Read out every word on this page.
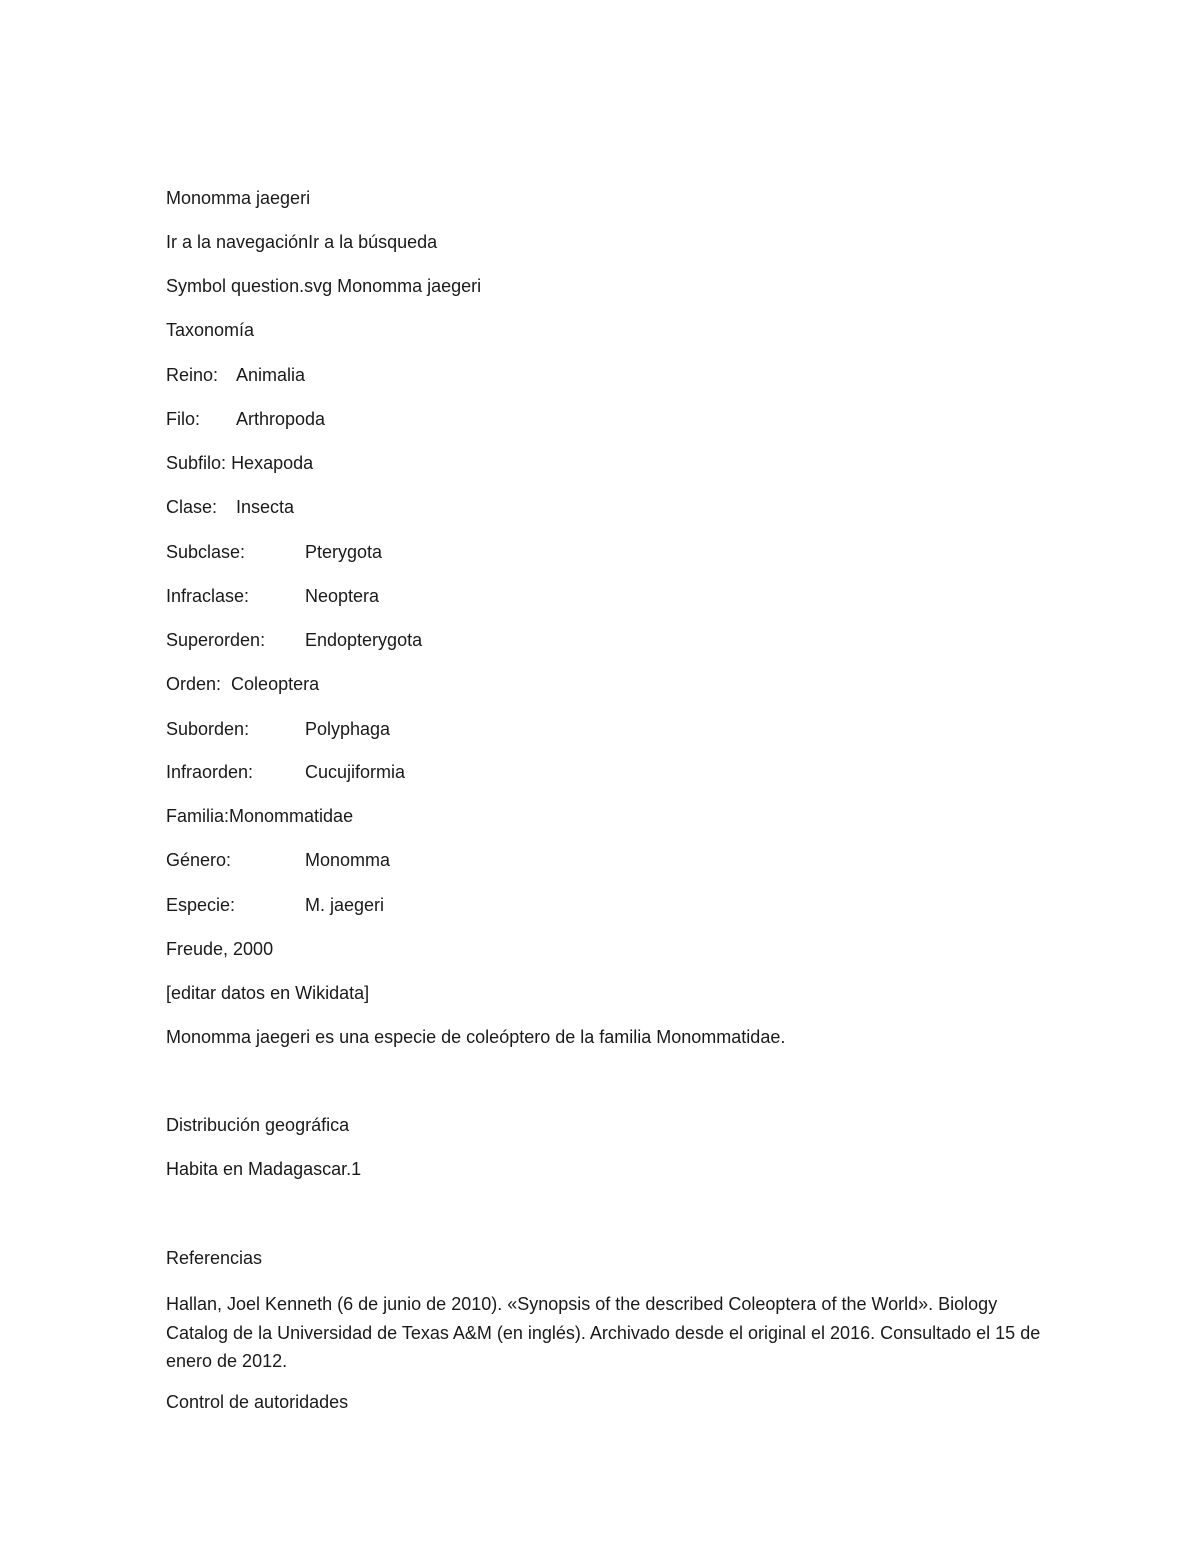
Monomma jaegeri
Ir a la navegaciónIr a la búsqueda
Symbol question.svg Monomma jaegeri
Taxonomía
Reino: Animalia
Filo: Arthropoda
Subfilo: Hexapoda
Clase: Insecta
Subclase:	Pterygota
Infraclase:	Neoptera
Superorden: Endopterygota
Orden: Coleoptera
Suborden:	Polyphaga
Infraorden:	Cucujiformia
Familia:Monommatidae
Género:	Monomma
Especie:	M. jaegeri
Freude, 2000
[editar datos en Wikidata]
Monomma jaegeri es una especie de coleóptero de la familia Monommatidae.
Distribución geográfica
Habita en Madagascar.1
Referencias
Hallan, Joel Kenneth (6 de junio de 2010). «Synopsis of the described Coleoptera of the World». Biology Catalog de la Universidad de Texas A&M (en inglés). Archivado desde el original el 2016. Consultado el 15 de enero de 2012.
Control de autoridades
